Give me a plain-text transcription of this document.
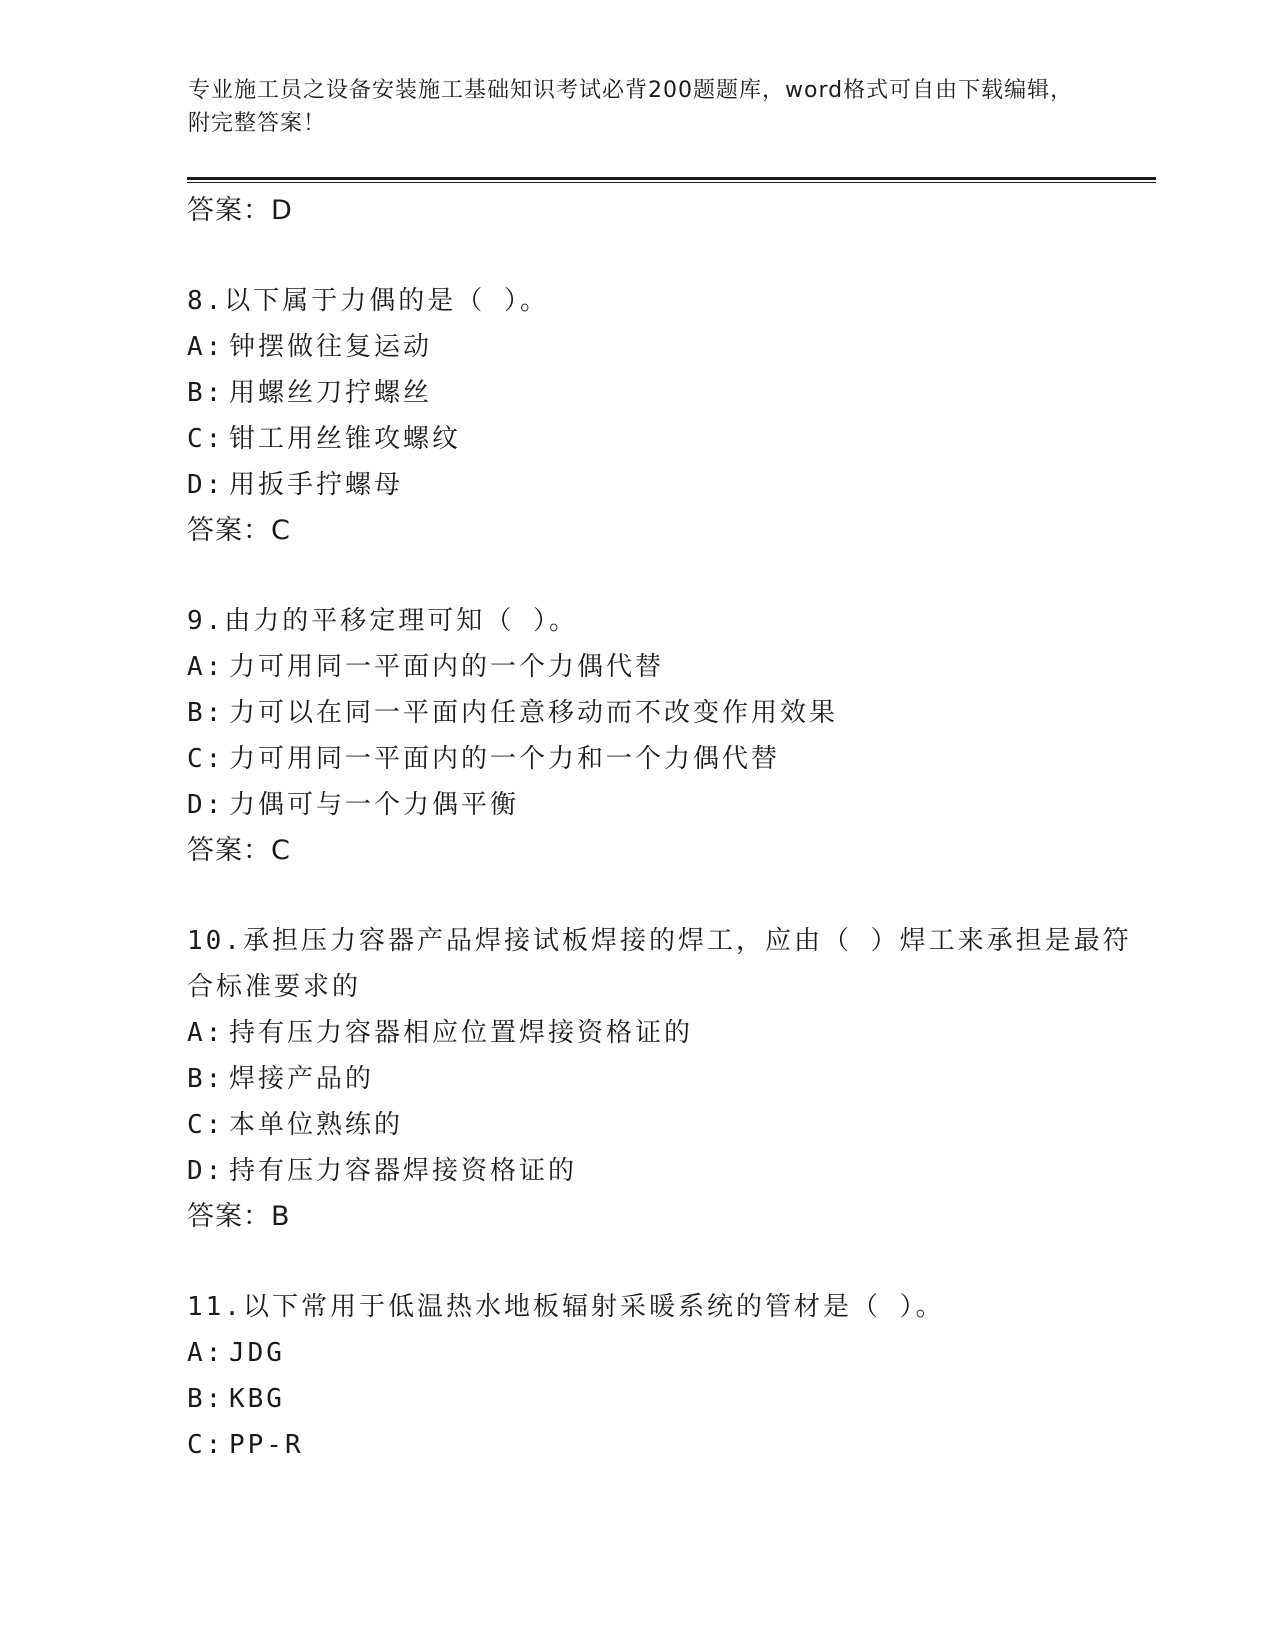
专业施工员之设备安装施工基础知识考试必背200题题库，word格式可自由下载编辑，附完整答案！
答案：D
8.以下属于力偶的是（ ）。
A: 钟摆做往复运动
B: 用螺丝刀拧螺丝
C: 钳工用丝锥攻螺纹
D: 用扳手拧螺母
答案：C
9.由力的平移定理可知（ ）。
A: 力可用同一平面内的一个力偶代替
B: 力可以在同一平面内任意移动而不改变作用效果
C: 力可用同一平面内的一个力和一个力偶代替
D: 力偶可与一个力偶平衡
答案：C
10.承担压力容器产品焊接试板焊接的焊工，应由（ ）焊工来承担是最符合标准要求的
A: 持有压力容器相应位置焊接资格证的
B: 焊接产品的
C: 本单位熟练的
D: 持有压力容器焊接资格证的
答案：B
11.以下常用于低温热水地板辐射采暖系统的管材是（ ）。
A: JDG
B: KBG
C: PP-R
